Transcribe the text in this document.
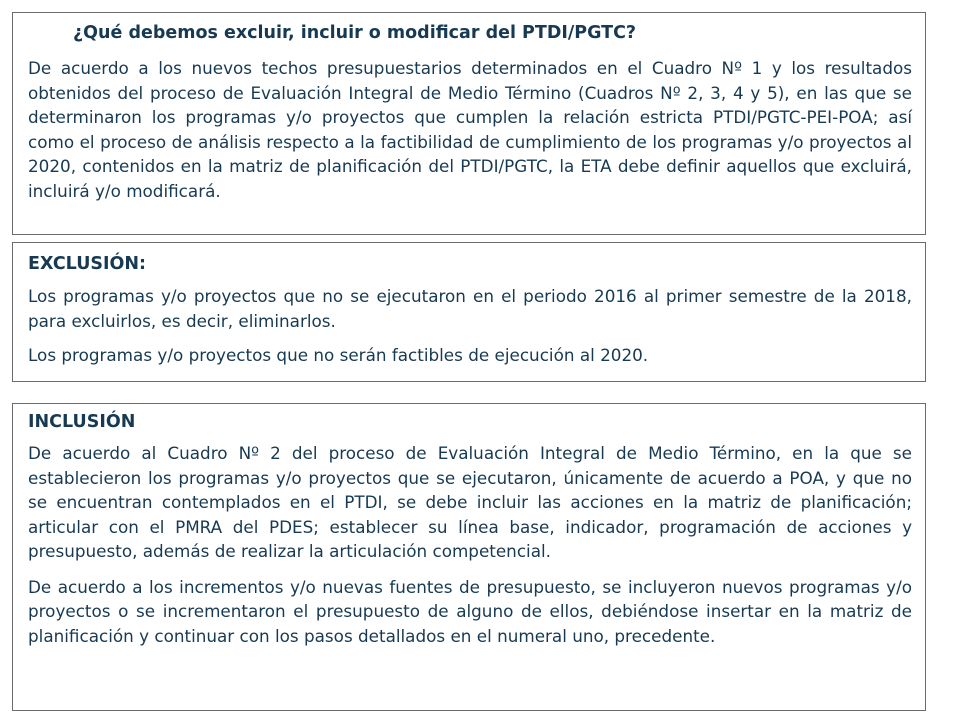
¿Qué debemos excluir, incluir o modificar del PTDI/PGTC?

De acuerdo a los nuevos techos presupuestarios determinados en el Cuadro Nº 1 y los resultados obtenidos del proceso de Evaluación Integral de Medio Término (Cuadros Nº 2, 3, 4 y 5), en las que se determinaron los programas y/o proyectos que cumplen la relación estricta PTDI/PGTC-PEI-POA; así como el proceso de análisis respecto a la factibilidad de cumplimiento de los programas y/o proyectos al 2020, contenidos en la matriz de planificación del PTDI/PGTC, la ETA debe definir aquellos que excluirá, incluirá y/o modificará.

EXCLUSIÓN:

Los programas y/o proyectos que no se ejecutaron en el periodo 2016 al primer semestre de la 2018, para excluirlos, es decir, eliminarlos.

Los programas y/o proyectos que no serán factibles de ejecución al 2020.

INCLUSIÓN

De acuerdo al Cuadro Nº 2 del proceso de Evaluación Integral de Medio Término, en la que se establecieron los programas y/o proyectos que se ejecutaron, únicamente de acuerdo a POA, y que no se encuentran contemplados en el PTDI, se debe incluir las acciones en la matriz de planificación; articular con el PMRA del PDES; establecer su línea base, indicador, programación de acciones y presupuesto, además de realizar la articulación competencial.

De acuerdo a los incrementos y/o nuevas fuentes de presupuesto, se incluyeron nuevos programas y/o proyectos o se incrementaron el presupuesto de alguno de ellos, debiéndose insertar en la matriz de planificación y continuar con los pasos detallados en el numeral uno, precedente.
